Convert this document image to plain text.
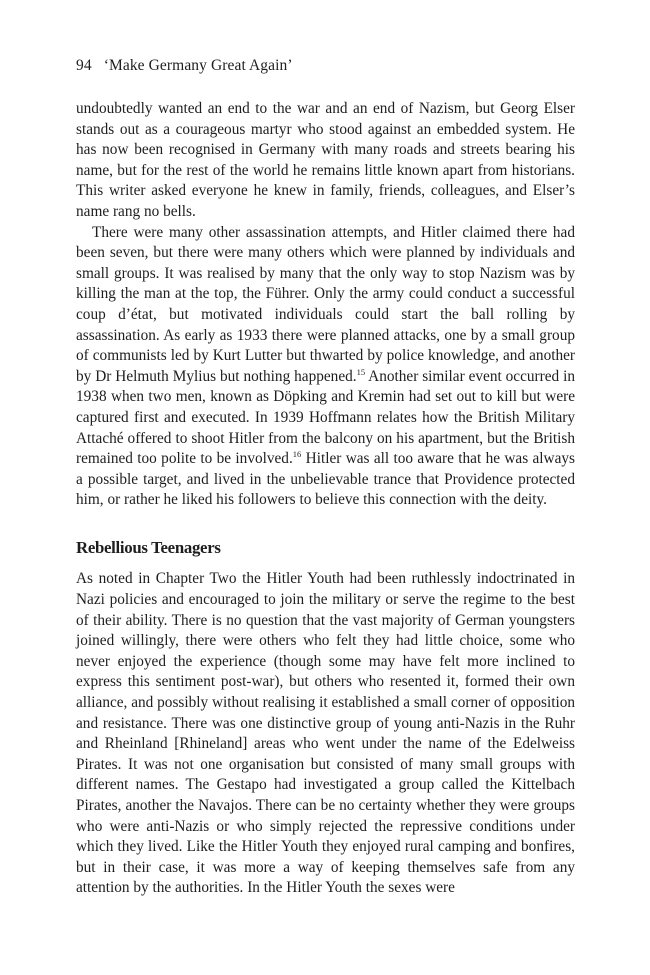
94 ‘Make Germany Great Again’

undoubtedly wanted an end to the war and an end of Nazism, but Georg Elser stands out as a courageous martyr who stood against an embedded system. He has now been recognised in Germany with many roads and streets bearing his name, but for the rest of the world he remains little known apart from historians. This writer asked everyone he knew in family, friends, colleagues, and Elser’s name rang no bells.

There were many other assassination attempts, and Hitler claimed there had been seven, but there were many others which were planned by individuals and small groups. It was realised by many that the only way to stop Nazism was by killing the man at the top, the Führer. Only the army could conduct a successful coup d’état, but motivated individuals could start the ball rolling by assassination. As early as 1933 there were planned attacks, one by a small group of communists led by Kurt Lutter but thwarted by police knowledge, and another by Dr Helmuth Mylius but nothing happened.$^{15}$ Another similar event occurred in 1938 when two men, known as Döpking and Kremin had set out to kill but were captured first and executed. In 1939 Hoffmann relates how the British Military Attaché offered to shoot Hitler from the balcony on his apartment, but the British remained too polite to be involved.$^{16}$ Hitler was all too aware that he was always a possible target, and lived in the unbelievable trance that Providence protected him, or rather he liked his followers to believe this connection with the deity.

Rebellious Teenagers

As noted in Chapter Two the Hitler Youth had been ruthlessly indoctrinated in Nazi policies and encouraged to join the military or serve the regime to the best of their ability. There is no question that the vast majority of German youngsters joined willingly, there were others who felt they had little choice, some who never enjoyed the experience (though some may have felt more inclined to express this sentiment post-war), but others who resented it, formed their own alliance, and possibly without realising it established a small corner of opposition and resistance. There was one distinctive group of young anti-Nazis in the Ruhr and Rheinland [Rhineland] areas who went under the name of the Edelweiss Pirates. It was not one organisation but consisted of many small groups with different names. The Gestapo had investigated a group called the Kittelbach Pirates, another the Navajos. There can be no certainty whether they were groups who were anti-Nazis or who simply rejected the repressive conditions under which they lived. Like the Hitler Youth they enjoyed rural camping and bonfires, but in their case, it was more a way of keeping themselves safe from any attention by the authorities. In the Hitler Youth the sexes were
